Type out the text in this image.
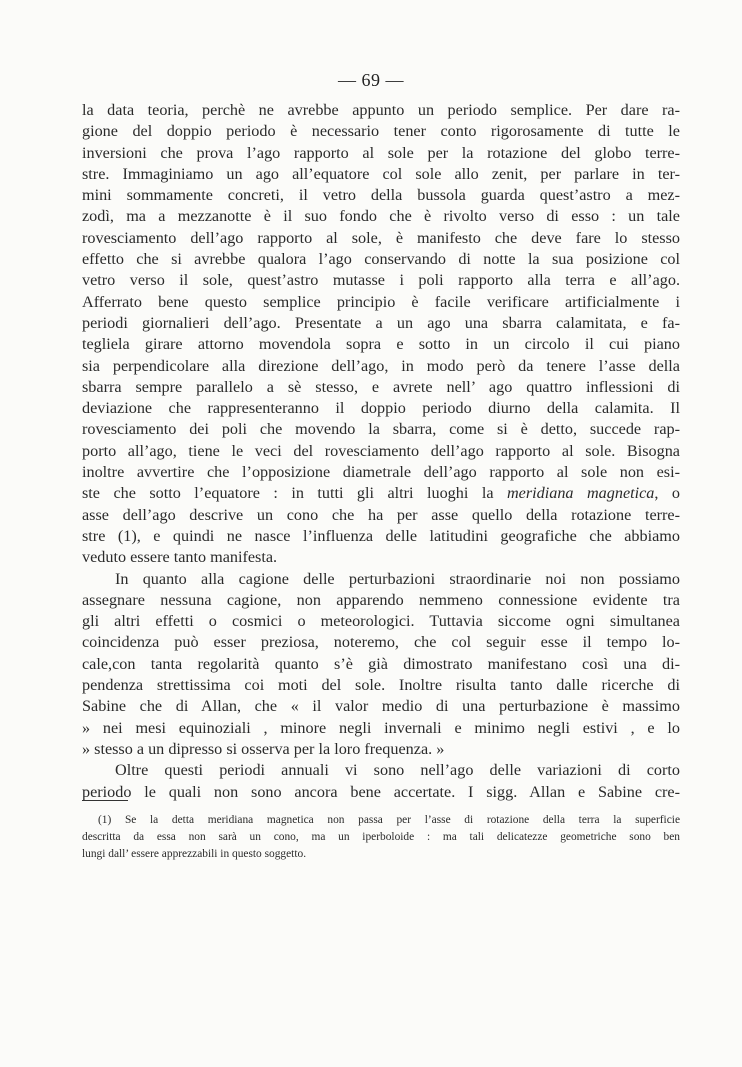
— 69 —
la data teoria, perchè ne avrebbe appunto un periodo semplice. Per dare ra-
gione del doppio periodo è necessario tener conto rigorosamente di tutte le
inversioni che prova l’ago rapporto al sole per la rotazione del globo terre-
stre. Immaginiamo un ago all’equatore col sole allo zenit, per parlare in ter-
mini sommamente concreti, il vetro della bussola guarda quest’astro a mez-
zodì, ma a mezzanotte è il suo fondo che è rivolto verso di esso : un tale
rovesciamento dell’ago rapporto al sole, è manifesto che deve fare lo stesso
effetto che si avrebbe qualora l’ago conservando di notte la sua posizione col
vetro verso il sole, quest’astro mutasse i poli rapporto alla terra e all’ago.
Afferrato bene questo semplice principio è facile verificare artificialmente i
periodi giornalieri dell’ago. Presentate a un ago una sbarra calamitata, e fa-
tegliela girare attorno movendola sopra e sotto in un circolo il cui piano
sia perpendicolare alla direzione dell’ago, in modo però da tenere l’asse della
sbarra sempre parallelo a sè stesso, e avrete nell’ ago quattro inflessioni di
deviazione che rappresenteranno il doppio periodo diurno della calamita. Il
rovesciamento dei poli che movendo la sbarra, come si è detto, succede rap-
porto all’ago, tiene le veci del rovesciamento dell’ago rapporto al sole. Bisogna
inoltre avvertire che l’opposizione diametrale dell’ago rapporto al sole non esi-
ste che sotto l’equatore : in tutti gli altri luoghi la meridiana magnetica, o
asse dell’ago descrive un cono che ha per asse quello della rotazione terre-
stre (1), e quindi ne nasce l’influenza delle latitudini geografiche che abbiamo
veduto essere tanto manifesta.
In quanto alla cagione delle perturbazioni straordinarie noi non possiamo
assegnare nessuna cagione, non apparendo nemmeno connessione evidente tra
gli altri effetti o cosmici o meteorologici. Tuttavia siccome ogni simultanea
coincidenza può esser preziosa, noteremo, che col seguir esse il tempo lo-
cale,con tanta regolarità quanto s’è già dimostrato manifestano così una di-
pendenza strettissima coi moti del sole. Inoltre risulta tanto dalle ricerche di
Sabine che di Allan, che « il valor medio di una perturbazione è massimo
» nei mesi equinoziali , minore negli invernali e minimo negli estivi , e lo
» stesso a un dipresso si osserva per la loro frequenza. »
Oltre questi periodi annuali vi sono nell’ago delle variazioni di corto
periodo le quali non sono ancora bene accertate. I sigg. Allan e Sabine cre-
(1) Se la detta meridiana magnetica non passa per l’asse di rotazione della terra la superficie
descritta da essa non sarà un cono, ma un iperboloide : ma tali delicatezze geometriche sono ben
lungi dall’ essere apprezzabili in questo soggetto.
